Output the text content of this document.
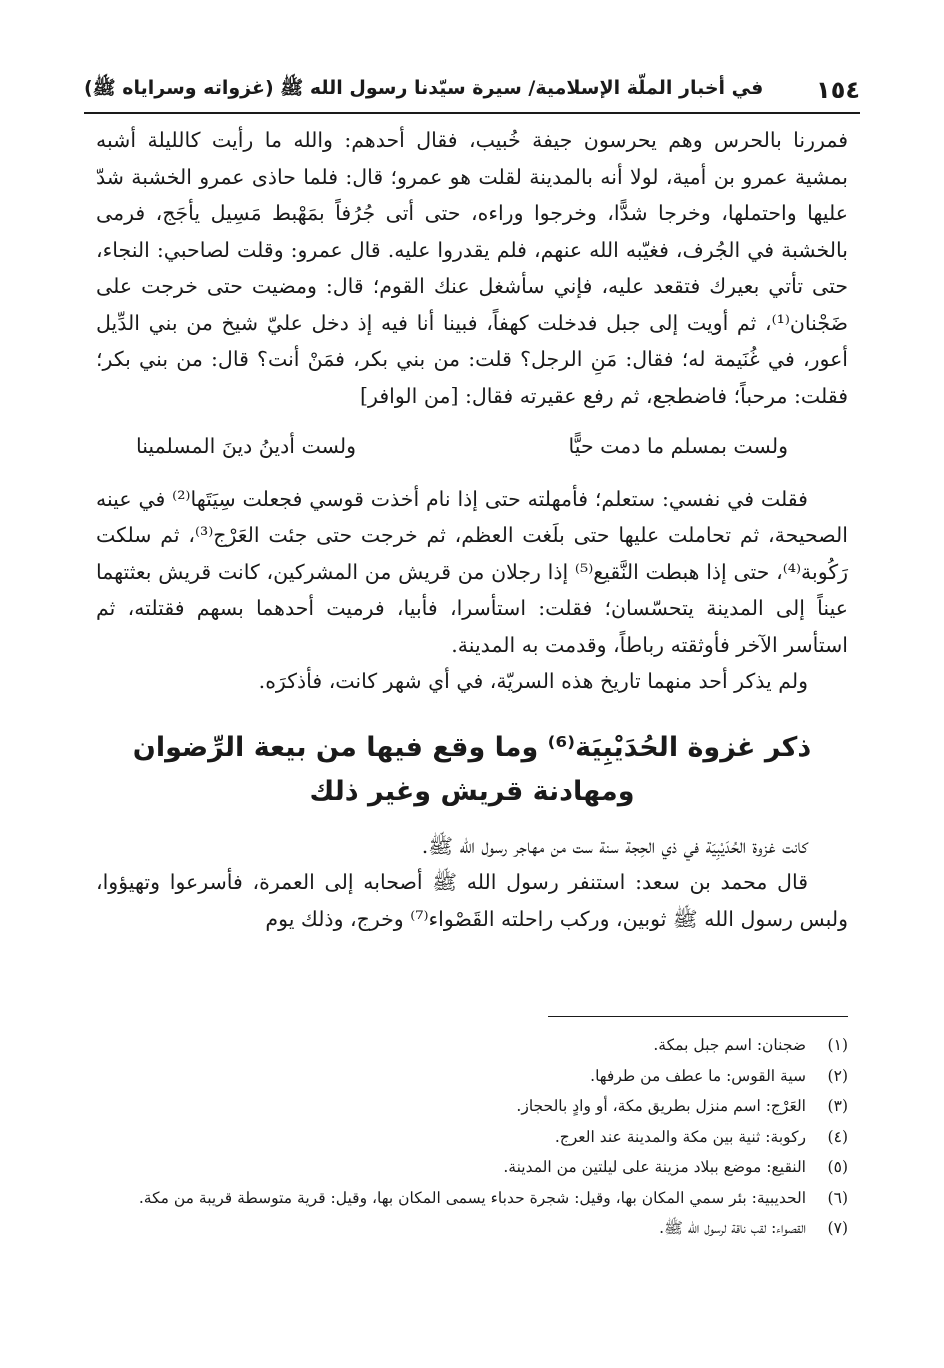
١٥٤
في أخبار الملّة الإسلامية/ سيرة سيّدنا رسول الله ﷺ (غزواته وسراياه ﷺ)

فمررنا بالحرس وهم يحرسون جيفة خُبيب، فقال أحدهم: والله ما رأيت كالليلة أشبه بمشية عمرو بن أمية، لولا أنه بالمدينة لقلت هو عمرو؛ قال: فلما حاذى عمرو الخشبة شدّ عليها واحتملها، وخرجا شدًّا، وخرجوا وراءه، حتى أتى جُرُفاً بمَهْبط مَسِيل يأجَج، فرمى بالخشبة في الجُرف، فغيّبه الله عنهم، فلم يقدروا عليه. قال عمرو: وقلت لصاحبي: النجاء، حتى تأتي بعيرك فتقعد عليه، فإني سأشغل عنك القوم؛ قال: ومضيت حتى خرجت على ضَجْنان⁽¹⁾، ثم أويت إلى جبل فدخلت كهفاً، فبينا أنا فيه إذ دخل عليّ شيخ من بني الدِّيل أعور، في غُنَيمة له؛ فقال: مَنِ الرجل؟ قلت: من بني بكر، فمَنْ أنت؟ قال: من بني بكر؛ فقلت: مرحباً؛ فاضطجع، ثم رفع عقيرته فقال: [من الوافر]

ولست بمسلم ما دمت حيًّا
ولست أدينُ دينَ المسلمينا

فقلت في نفسي: ستعلم؛ فأمهلته حتى إذا نام أخذت قوسي فجعلت سِيَتَها⁽²⁾ في عينه الصحيحة، ثم تحاملت عليها حتى بلَغت العظم، ثم خرجت حتى جئت العَرْج⁽³⁾، ثم سلكت رَكُوبة⁽⁴⁾، حتى إذا هبطت النَّقيع⁽⁵⁾ إذا رجلان من قريش من المشركين، كانت قريش بعثتهما عيناً إلى المدينة يتحسّسان؛ فقلت: استأسرا، فأبيا، فرميت أحدهما بسهم فقتلته، ثم استأسر الآخر فأوثقته رباطاً، وقدمت به المدينة.

ولم يذكر أحد منهما تاريخ هذه السريّة، في أي شهر كانت، فأذكرَه.

ذكر غزوة الحُدَيْبِيَة⁽⁶⁾ وما وقع فيها من بيعة الرِّضوان
ومهادنة قريش وغير ذلك

كانت غزوة الحُدَيْبِيَة في ذي الحِجة سنة ست من مهاجر رسول الله ﷺ.

قال محمد بن سعد: استنفر رسول الله ﷺ أصحابه إلى العمرة، فأسرعوا وتهيؤوا، ولبس رسول الله ﷺ ثوبين، وركب راحلته القَصْواء⁽⁷⁾ وخرج، وذلك يوم

(١)
ضجنان: اسم جبل بمكة.
(٢)
سية القوس: ما عطف من طرفها.
(٣)
العَرْج: اسم منزل بطريق مكة، أو وادٍ بالحجاز.
(٤)
ركوبة: ثنية بين مكة والمدينة عند العرج.
(٥)
النقيع: موضع ببلاد مزينة على ليلتين من المدينة.
(٦)
الحديبية: بئر سمي المكان بها، وقيل: شجرة حدباء يسمى المكان بها، وقيل: قرية متوسطة قريبة من مكة.
(٧)
القصواء: لقب ناقة لرسول الله ﷺ.
